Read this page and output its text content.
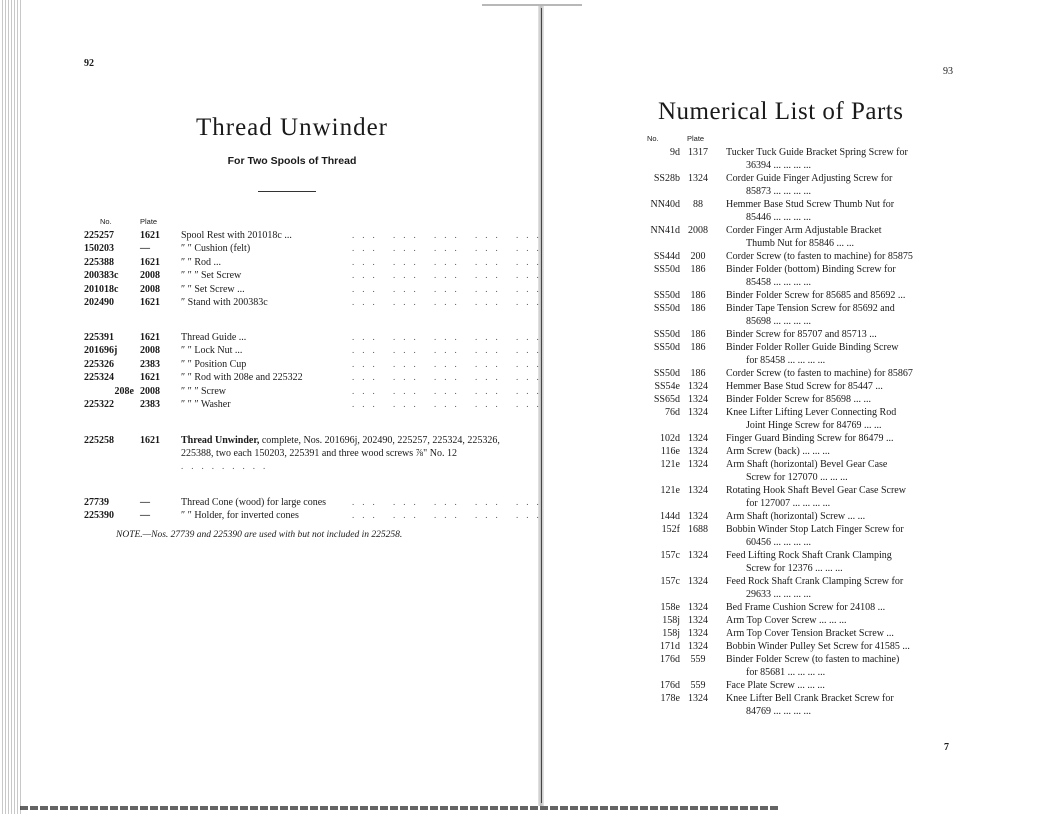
92
Thread Unwinder
For Two Spools of Thread
No.	Plate
225257	1621	Spool Rest with 201018c ...	... ... ... ... ...
150203	—	″ ″ Cushion (felt)	... ... ... ... ...
225388	1621	″ ″ Rod ...	... ... ... ... ...
200383c	2008	″ ″ ″ Set Screw	... ... ... ... ...
201018c	2008	″ ″ Set Screw ...	... ... ... ... ...
202490	1621	″ Stand with 200383c	... ... ... ... ...
225391	1621	Thread Guide ...	... ... ... ... ...
201696j	2008	″ ″ Lock Nut ...	... ... ... ... ...
225326	2383	″ ″ Position Cup	... ... ... ... ...
225324	1621	″ ″ Rod with 208e and 225322	... ... ... ... ...
208e 2008	″ ″ ″ Screw	... ... ... ... ...
225322	2383	″ ″ ″ Washer	... ... ... ... ...
27739	—	Thread Cone (wood) for large cones	... ... ... ... ...
225390	—	″ ″ Holder, for inverted cones	... ... ... ... ...
225258	1621 Thread Unwinder, complete, Nos. 201696j, 202490, 225257, 225324, 225326, 225388, two each 150203, 225391 and three wood screws ⅞" No. 12 .........
NOTE.—Nos. 27739 and 225390 are used with but not included in 225258.
93
Numerical List of Parts
No.	Plate
9d 1317	Tucker Tuck Guide Bracket Spring Screw for
36394 ... ... ... ...
SS28b 1324	Corder Guide Finger Adjusting Screw for
85873 ... ... ... ...
NN40d	88	Hemmer Base Stud Screw Thumb Nut for
85446 ... ... ... ...
NN41d 2008	Corder Finger Arm Adjustable Bracket
Thumb Nut for 85846 ... ...
SS44d	200	Corder Screw (to fasten to machine) for 85875
SS50d	186	Binder Folder (bottom) Binding Screw for
85458 ... ... ... ...
SS50d	186	Binder Folder Screw for 85685 and 85692 ...
SS50d	186	Binder Tape Tension Screw for 85692 and
85698 ... ... ... ...
SS50d	186	Binder Screw for 85707 and 85713 ...
SS50d	186	Binder Folder Roller Guide Binding Screw
for 85458 ... ... ... ...
SS50d	186	Corder Screw (to fasten to machine) for 85867
SS54e 1324	Hemmer Base Stud Screw for 85447 ...
SS65d 1324	Binder Folder Screw for 85698 ... ...
76d 1324	Knee Lifter Lifting Lever Connecting Rod
Joint Hinge Screw for 84769 ... ...
102d 1324	Finger Guard Binding Screw for 86479 ...
116e 1324	Arm Screw (back) ... ... ...
121e 1324	Arm Shaft (horizontal) Bevel Gear Case
Screw for 127070 ... ... ...
121e 1324	Rotating Hook Shaft Bevel Gear Case Screw
for 127007 ... ... ... ...
144d 1324	Arm Shaft (horizontal) Screw ... ...
152f 1688	Bobbin Winder Stop Latch Finger Screw for
60456 ... ... ... ...
157c 1324	Feed Lifting Rock Shaft Crank Clamping
Screw for 12376 ... ... ...
157c 1324	Feed Rock Shaft Crank Clamping Screw for
29633 ... ... ... ...
158e 1324	Bed Frame Cushion Screw for 24108 ...
158j 1324	Arm Top Cover Screw ... ... ...
158j 1324	Arm Top Cover Tension Bracket Screw ...
171d 1324	Bobbin Winder Pulley Set Screw for 41585 ...
176d	559	Binder Folder Screw (to fasten to machine)
for 85681 ... ... ... ...
176d	559	Face Plate Screw ... ... ...
178e 1324	Knee Lifter Bell Crank Bracket Screw for
84769 ... ... ... ...
7
